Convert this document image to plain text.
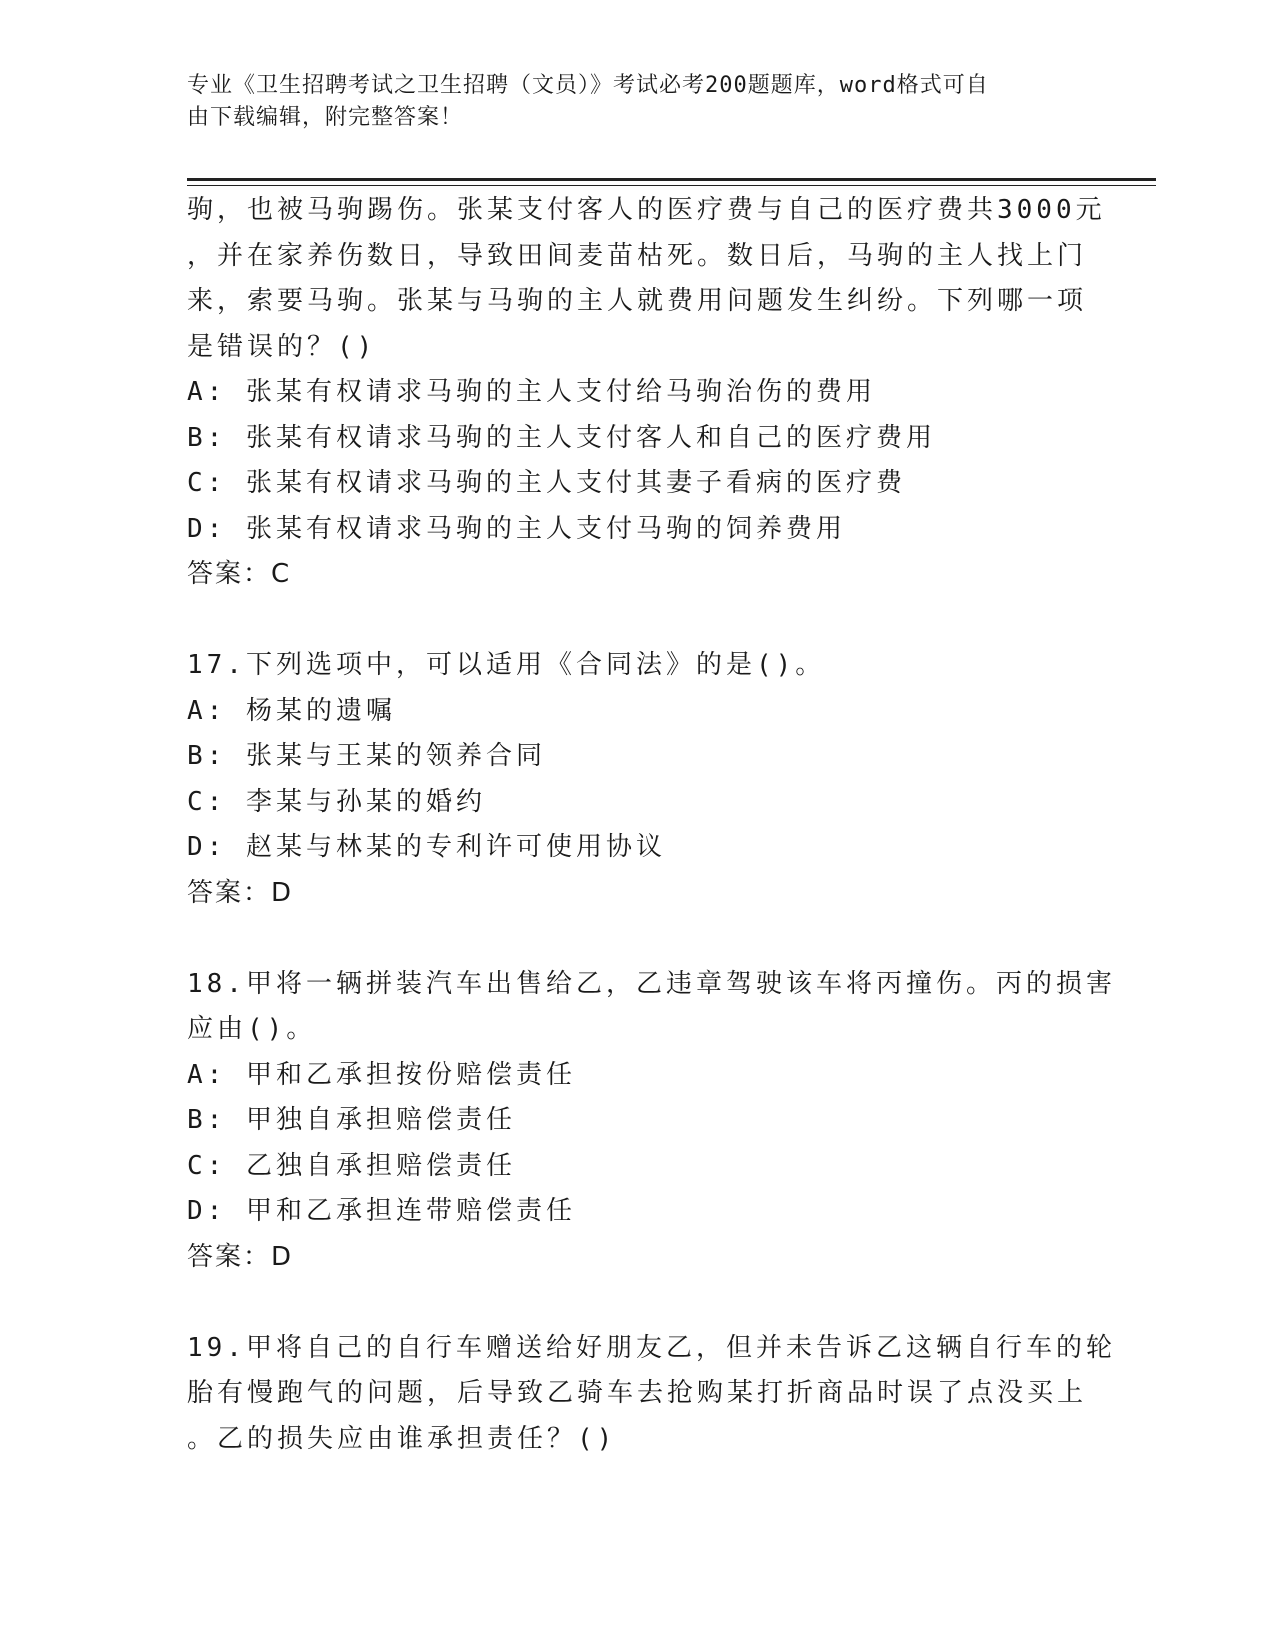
专业《卫生招聘考试之卫生招聘（文员）》考试必考200题题库，word格式可自
由下载编辑，附完整答案！
驹，也被马驹踢伤。张某支付客人的医疗费与自己的医疗费共3000元
，并在家养伤数日，导致田间麦苗枯死。数日后，马驹的主人找上门
来，索要马驹。张某与马驹的主人就费用问题发生纠纷。下列哪一项
是错误的？()
A: 张某有权请求马驹的主人支付给马驹治伤的费用
B: 张某有权请求马驹的主人支付客人和自己的医疗费用
C: 张某有权请求马驹的主人支付其妻子看病的医疗费
D: 张某有权请求马驹的主人支付马驹的饲养费用
答案：C
17.下列选项中，可以适用《合同法》的是()。
A: 杨某的遗嘱
B: 张某与王某的领养合同
C: 李某与孙某的婚约
D: 赵某与林某的专利许可使用协议
答案：D
18.甲将一辆拼装汽车出售给乙，乙违章驾驶该车将丙撞伤。丙的损害
应由()。
A: 甲和乙承担按份赔偿责任
B: 甲独自承担赔偿责任
C: 乙独自承担赔偿责任
D: 甲和乙承担连带赔偿责任
答案：D
19.甲将自己的自行车赠送给好朋友乙，但并未告诉乙这辆自行车的轮
胎有慢跑气的问题，后导致乙骑车去抢购某打折商品时误了点没买上
。乙的损失应由谁承担责任？()
